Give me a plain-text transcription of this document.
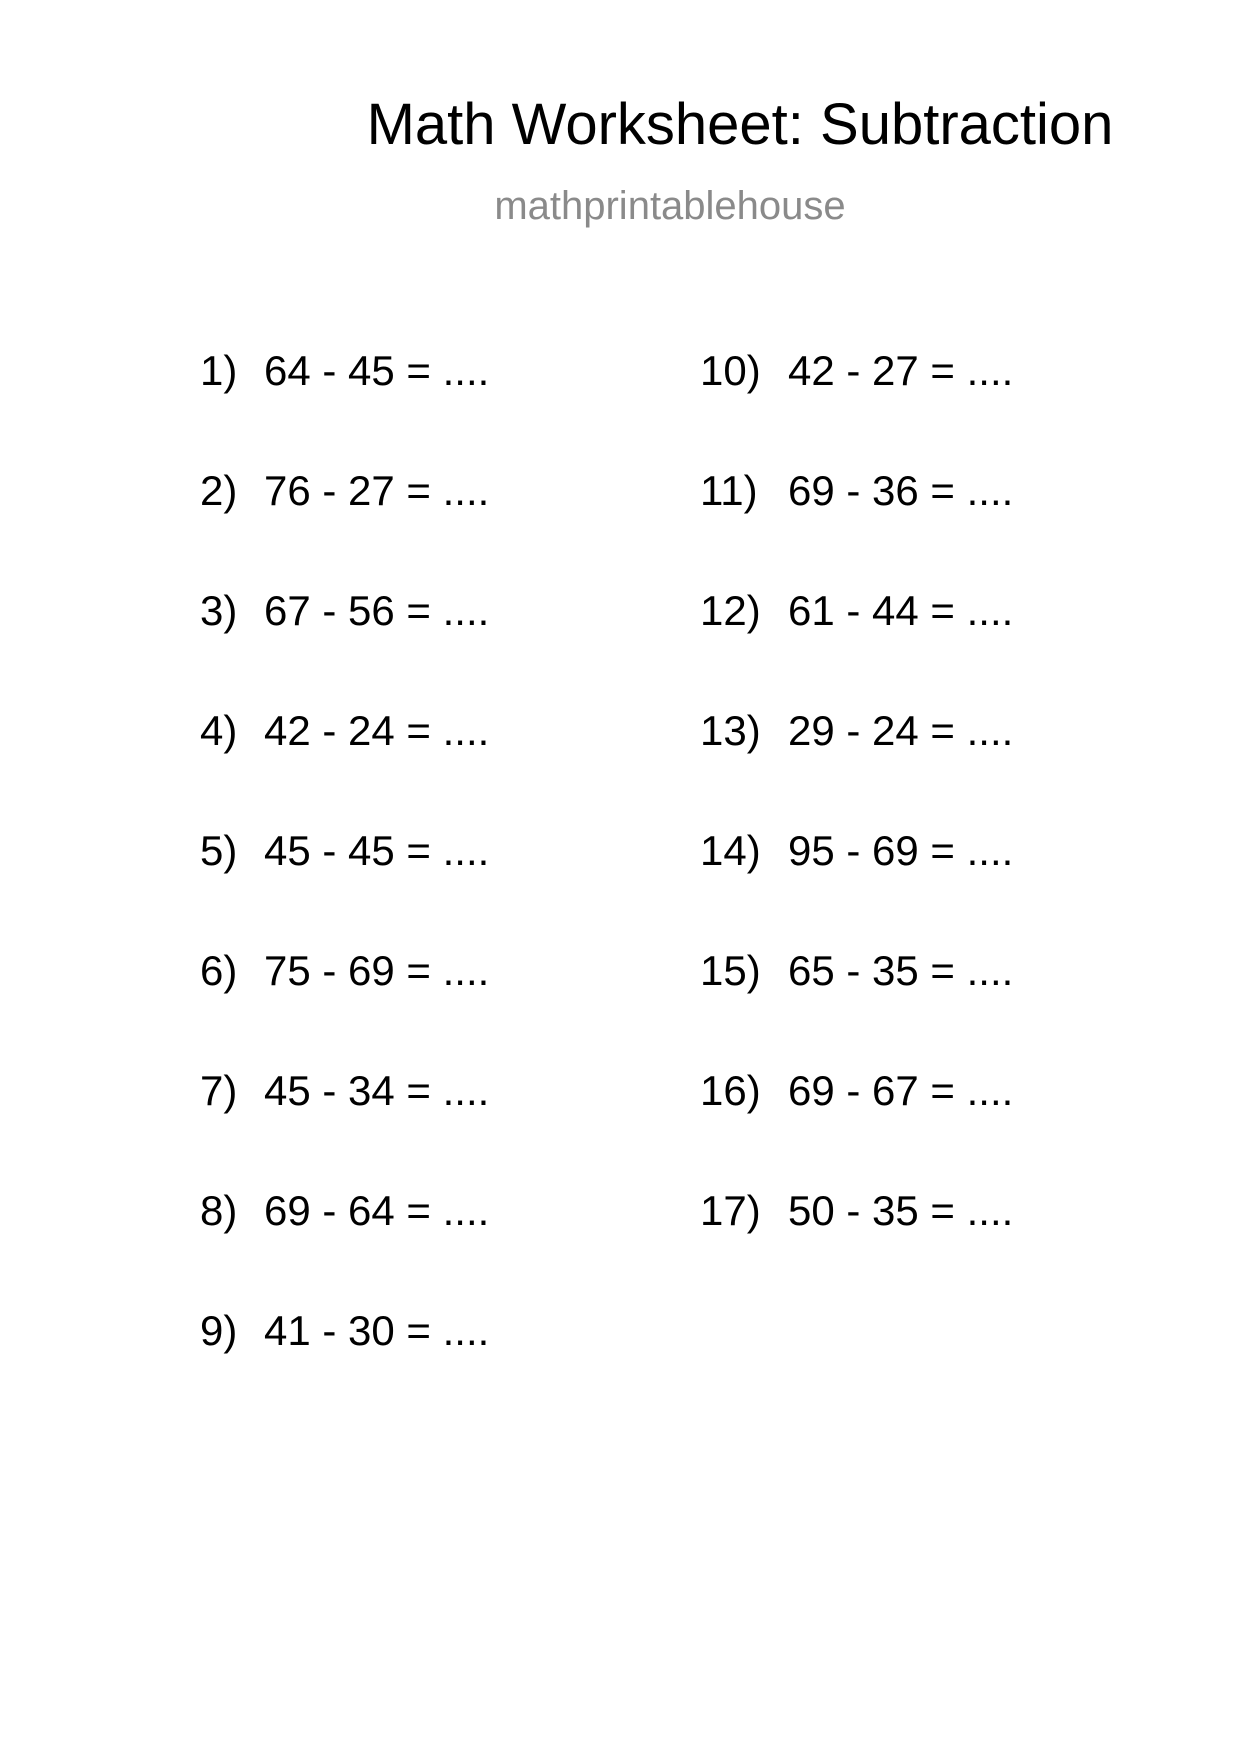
Math Worksheet: Subtraction
mathprintablehouse
1) 64 - 45 = ....
2) 76 - 27 = ....
3) 67 - 56 = ....
4) 42 - 24 = ....
5) 45 - 45 = ....
6) 75 - 69 = ....
7) 45 - 34 = ....
8) 69 - 64 = ....
9) 41 - 30 = ....
10) 42 - 27 = ....
11) 69 - 36 = ....
12) 61 - 44 = ....
13) 29 - 24 = ....
14) 95 - 69 = ....
15) 65 - 35 = ....
16) 69 - 67 = ....
17) 50 - 35 = ....
